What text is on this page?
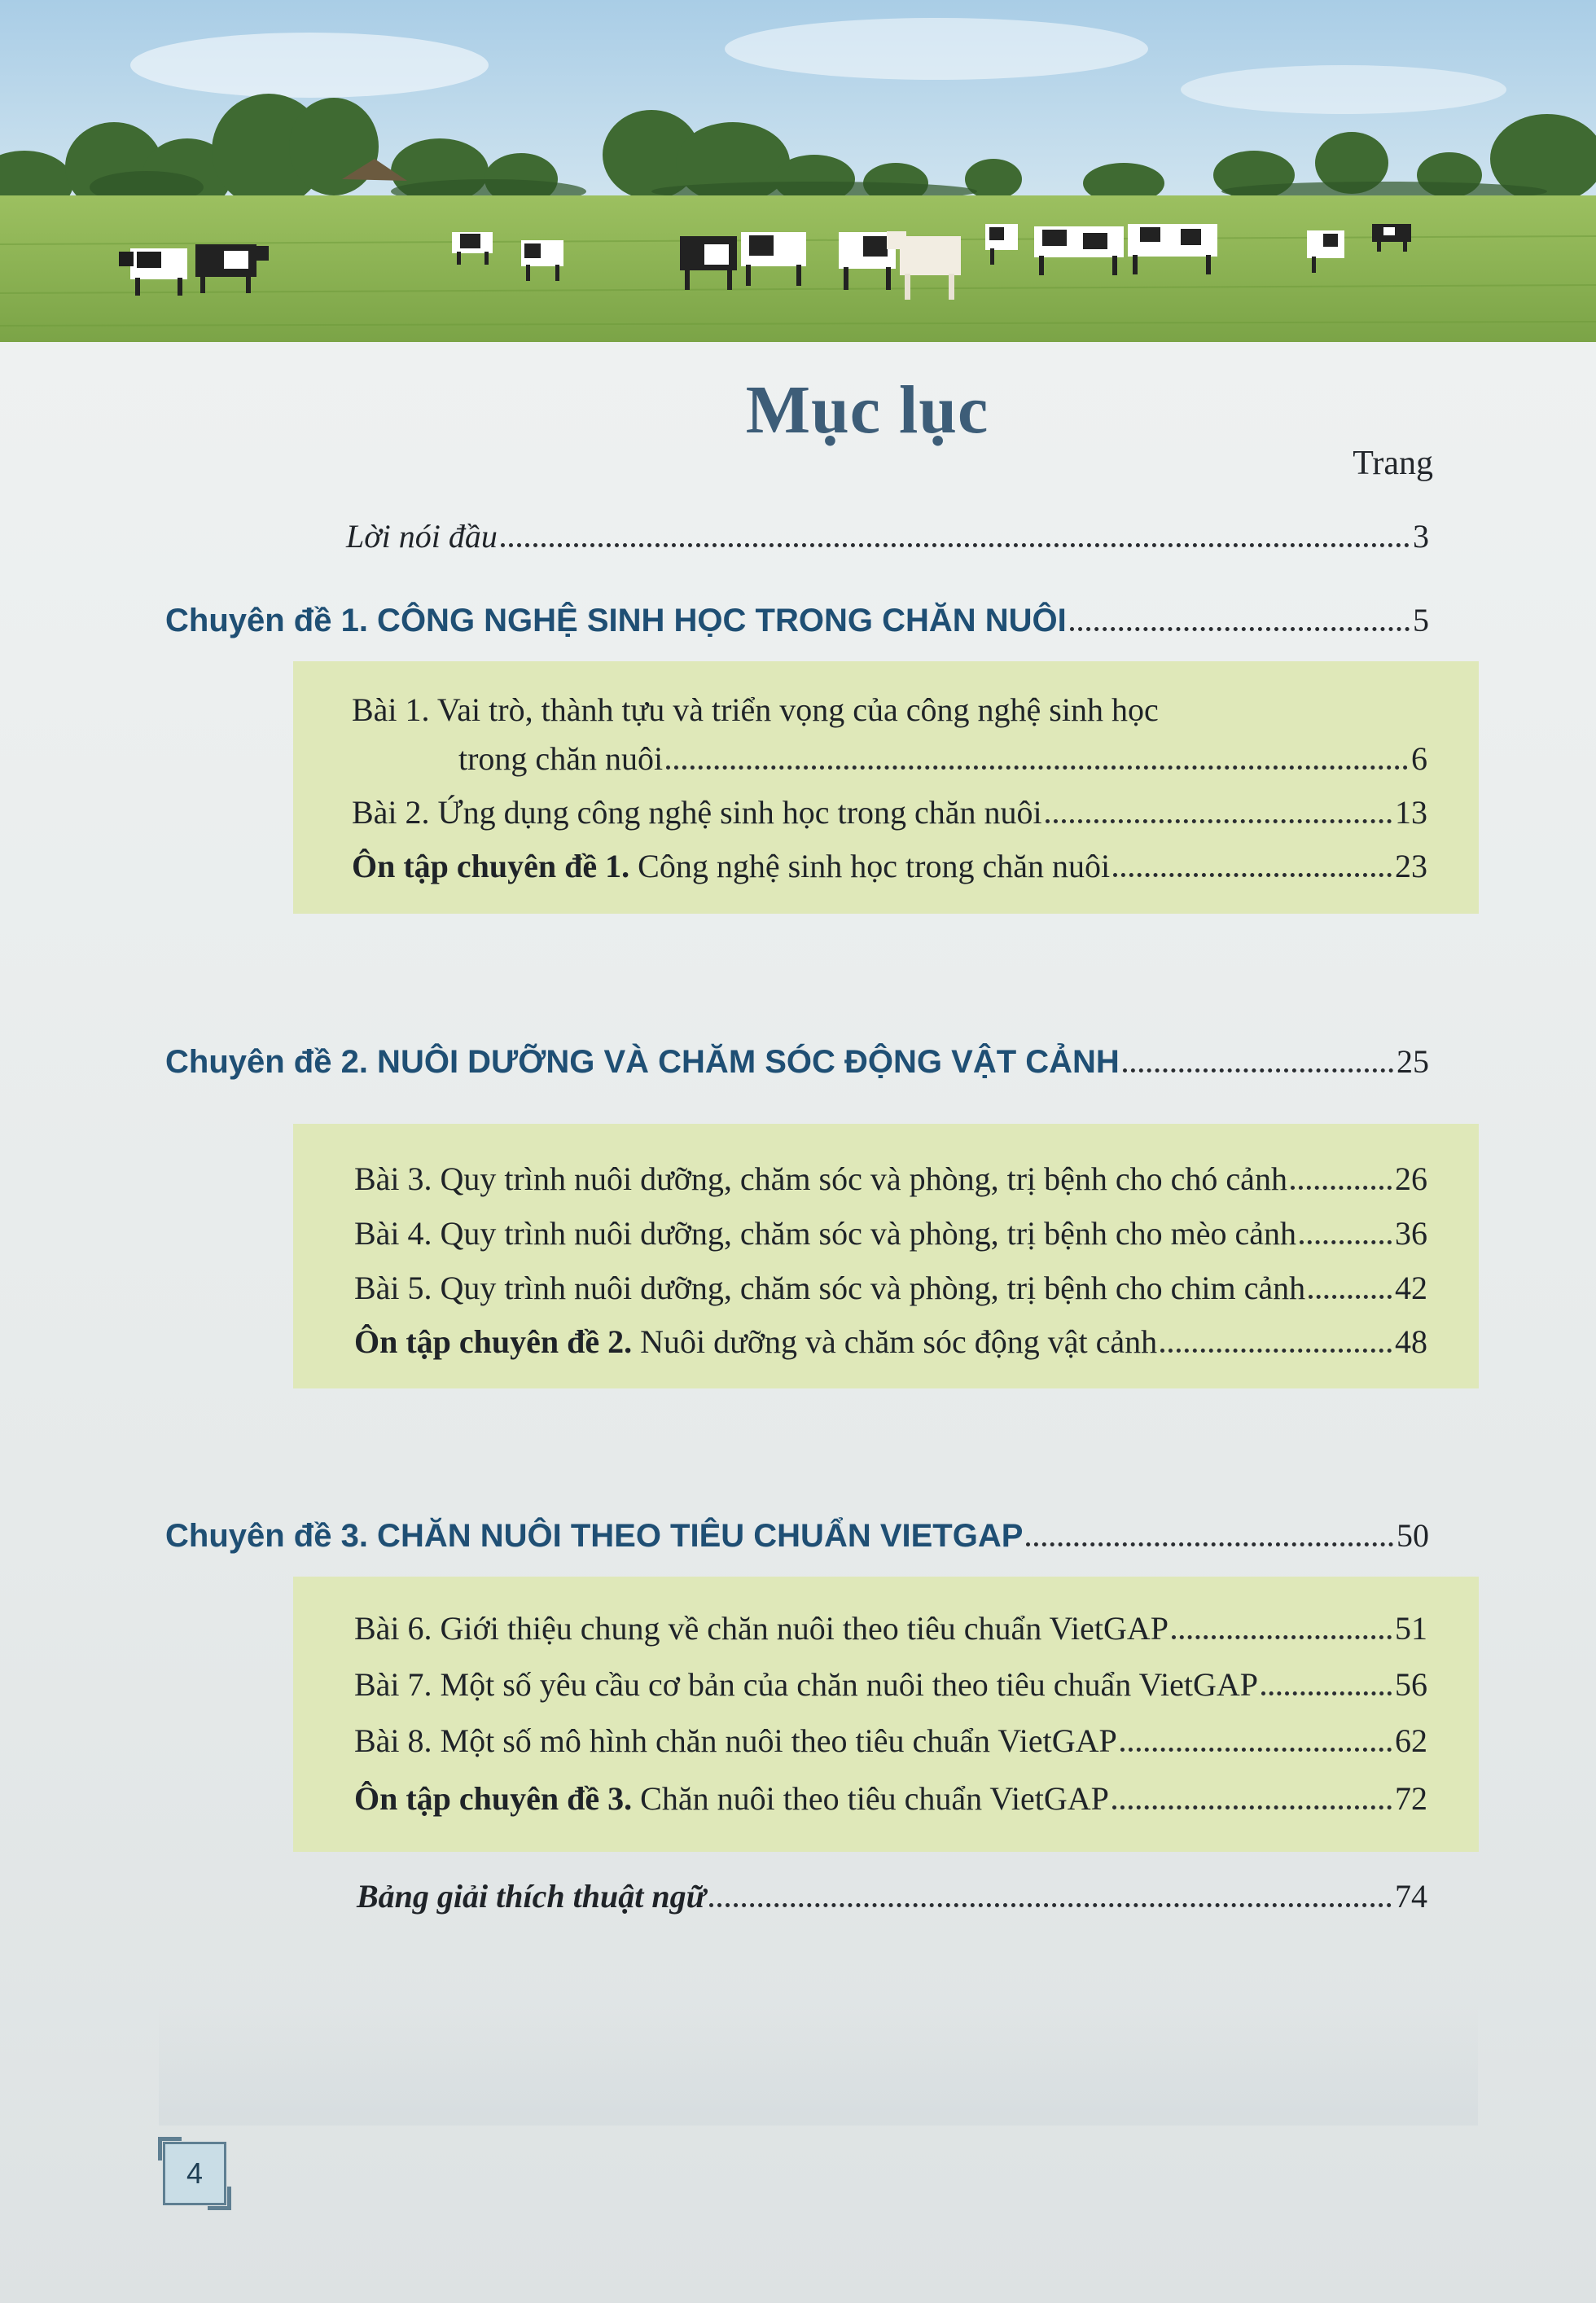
Mục lục
Trang
Lời nói đầu	3
Chuyên đề 1. CÔNG NGHỆ SINH HỌC TRONG CHĂN NUÔI	5
Bài 1. Vai trò, thành tựu và triển vọng của công nghệ sinh học
trong chăn nuôi	6
Bài 2. Ứng dụng công nghệ sinh học trong chăn nuôi	13
Ôn tập chuyên đề 1. Công nghệ sinh học trong chăn nuôi	23
Chuyên đề 2. NUÔI DƯỠNG VÀ CHĂM SÓC ĐỘNG VẬT CẢNH	25
Bài 3. Quy trình nuôi dưỡng, chăm sóc và phòng, trị bệnh cho chó cảnh	26
Bài 4. Quy trình nuôi dưỡng, chăm sóc và phòng, trị bệnh cho mèo cảnh	36
Bài 5. Quy trình nuôi dưỡng, chăm sóc và phòng, trị bệnh cho chim cảnh	42
Ôn tập chuyên đề 2. Nuôi dưỡng và chăm sóc động vật cảnh	48
Chuyên đề 3. CHĂN NUÔI THEO TIÊU CHUẨN VIETGAP	50
Bài 6. Giới thiệu chung về chăn nuôi theo tiêu chuẩn VietGAP	51
Bài 7. Một số yêu cầu cơ bản của chăn nuôi theo tiêu chuẩn VietGAP	56
Bài 8. Một số mô hình chăn nuôi theo tiêu chuẩn VietGAP	62
Ôn tập chuyên đề 3. Chăn nuôi theo tiêu chuẩn VietGAP	72
Bảng giải thích thuật ngữ	74
4
